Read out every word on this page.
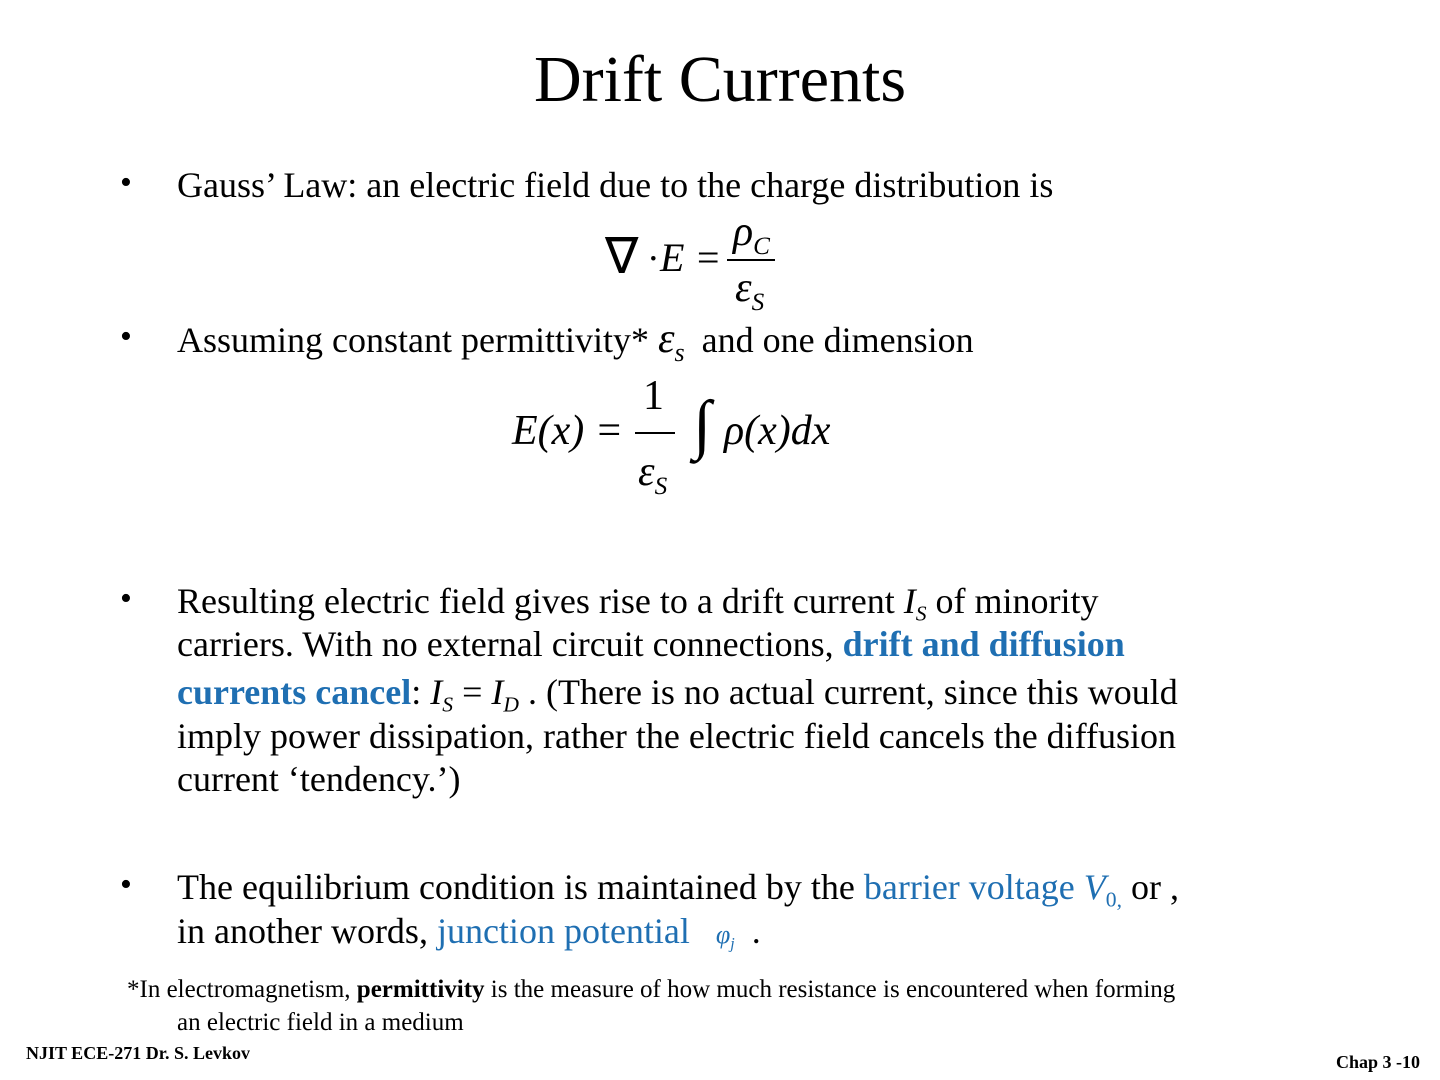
Drift Currents
• Gauss’ Law: an electric field due to the charge distribution is
∇ · E =
$\rho_C$
$\varepsilon_S$
• Assuming constant permittivity* $\varepsilon_s$ and one dimension
E(x) =
1
$\varepsilon_S$
∫ ρ(x)dx
• Resulting electric field gives rise to a drift current $I_S$ of minority
carriers. With no external circuit connections, drift and diffusion
currents cancel: $I_S = I_D$ . (There is no actual current, since this would
imply power dissipation, rather the electric field cancels the diffusion
current ‘tendency.’)
• The equilibrium condition is maintained by the barrier voltage $V_{0,}$ or ,
in another words, junction potential $\varphi_j$ .
*In electromagnetism, permittivity is the measure of how much resistance is encountered when forming
an electric field in a medium
NJIT ECE-271 Dr. S. Levkov	Chap 3 -10
